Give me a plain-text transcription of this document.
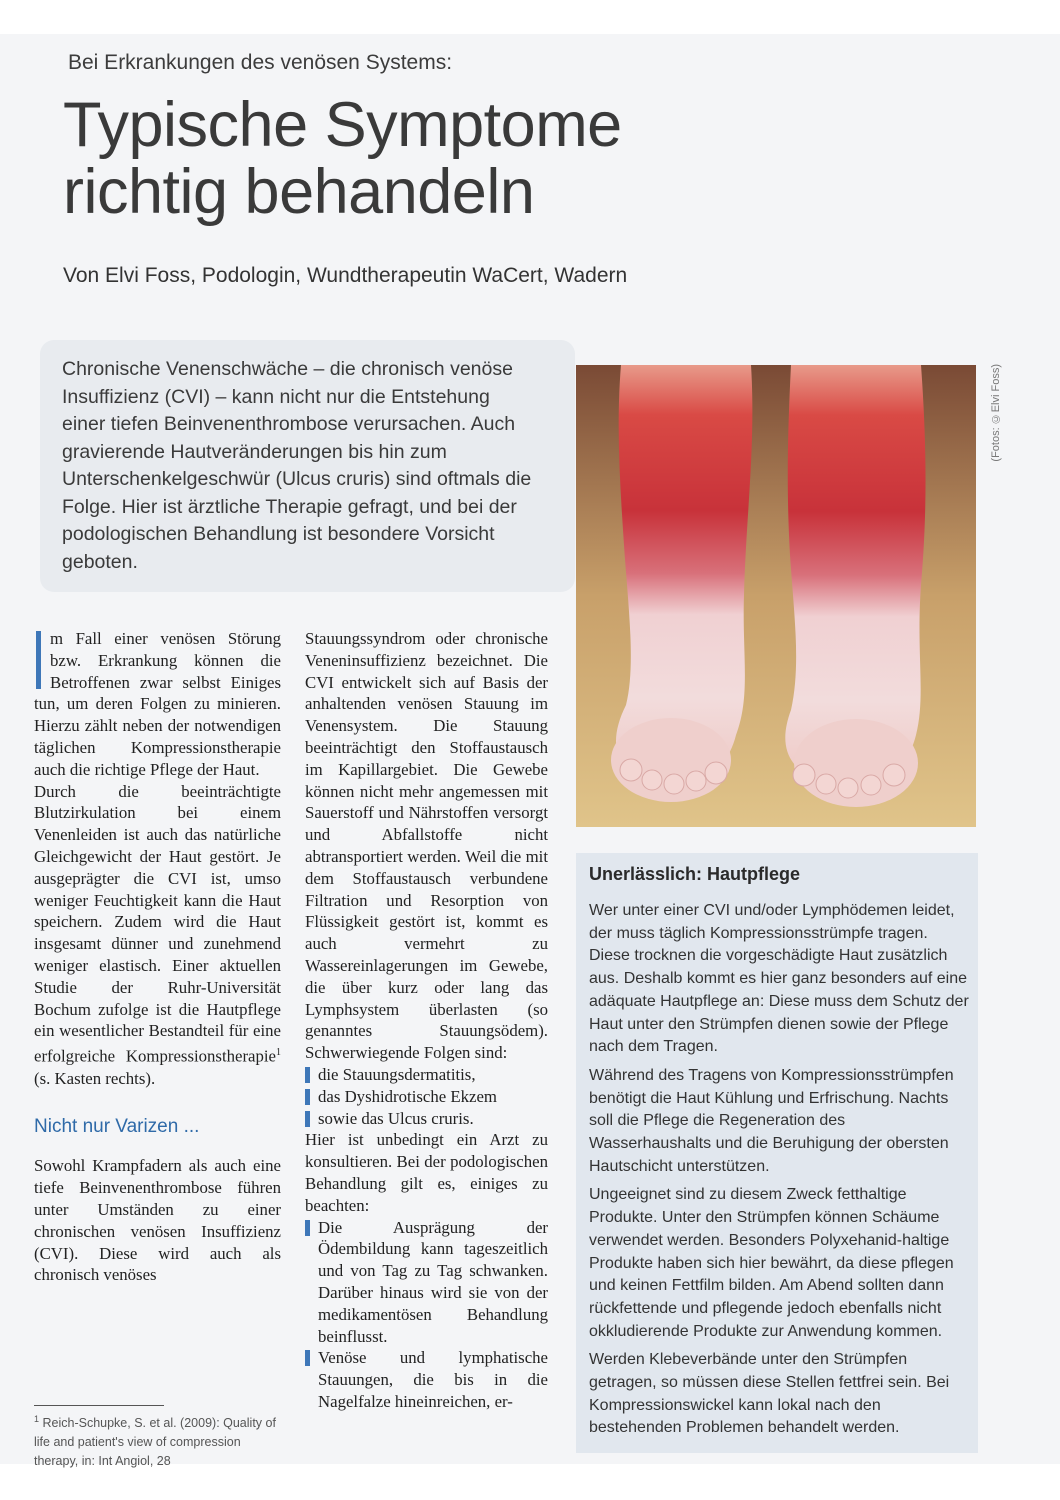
Bei Erkrankungen des venösen Systems:
Typische Symptome
richtig behandeln
Von Elvi Foss, Podologin, Wundtherapeutin WaCert, Wadern
Chronische Venenschwäche – die chronisch venöse Insuffizienz (CVI) – kann nicht nur die Entstehung einer tiefen Beinvenenthrombose verursachen. Auch gravierende Hautveränderungen bis hin zum Unterschenkelgeschwür (Ulcus cruris) sind oftmals die Folge. Hier ist ärztliche Therapie gefragt, und bei der podologischen Behandlung ist besondere Vorsicht geboten.
(Fotos: ©Elvi Foss)

m Fall einer venösen Störung bzw. Erkrankung können die Betroffenen zwar selbst Einiges tun, um deren Folgen zu minieren. Hierzu zählt neben der notwendigen täglichen Kompressionstherapie auch die richtige Pflege der Haut.

Durch die beeinträchtigte Blutzirkulation bei einem Venenleiden ist auch das natürliche Gleichgewicht der Haut gestört. Je ausgeprägter die CVI ist, umso weniger Feuchtigkeit kann die Haut speichern. Zudem wird die Haut insgesamt dünner und zunehmend weniger elastisch. Einer aktuellen Studie der Ruhr-Universität Bochum zufolge ist die Hautpflege ein wesentlicher Bestandteil für eine erfolgreiche Kompressionstherapie$^1$ (s. Kasten rechts).

Nicht nur Varizen ...

Sowohl Krampfadern als auch eine tiefe Beinvenenthrombose führen unter Umständen zu einer chronischen venösen Insuffizienz (CVI). Diese wird auch als chronisch venöses

$^1$ Reich-Schupke, S. et al. (2009): Quality of life and patient's view of compression therapy, in: Int Angiol, 28

Stauungssyndrom oder chronische Veneninsuffizienz bezeichnet. Die CVI entwickelt sich auf Basis der anhaltenden venösen Stauung im Venensystem. Die Stauung beeinträchtigt den Stoffaustausch im Kapillargebiet. Die Gewebe können nicht mehr angemessen mit Sauerstoff und Nährstoffen versorgt und Abfallstoffe nicht abtransportiert werden. Weil die mit dem Stoffaustausch verbundene Filtration und Resorption von Flüssigkeit gestört ist, kommt es auch vermehrt zu Wassereinlagerungen im Gewebe, die über kurz oder lang das Lymphsystem überlasten (so genanntes Stauungsödem). Schwerwiegende Folgen sind:

die Stauungsdermatitis,

das Dyshidrotische Ekzem

sowie das Ulcus cruris.

Hier ist unbedingt ein Arzt zu konsultieren. Bei der podologischen Behandlung gilt es, einiges zu beachten:

Die Ausprägung der Ödembildung kann tageszeitlich und von Tag zu Tag schwanken. Darüber hinaus wird sie von der medikamentösen Behandlung beinflusst.

Venöse und lymphatische Stauungen, die bis in die Nagelfalze hineinreichen, er-

Unerlässlich: Hautpflege

Wer unter einer CVI und/oder Lymphödemen leidet, der muss täglich Kompressionsstrümpfe tragen. Diese trocknen die vorgeschädigte Haut zusätzlich aus. Deshalb kommt es hier ganz besonders auf eine adäquate Hautpflege an: Diese muss dem Schutz der Haut unter den Strümpfen dienen sowie der Pflege nach dem Tragen.

Während des Tragens von Kompressionsstrümpfen benötigt die Haut Kühlung und Erfrischung. Nachts soll die Pflege die Regeneration des Wasserhaushalts und die Beruhigung der obersten Hautschicht unterstützen.

Ungeeignet sind zu diesem Zweck fetthaltige Produkte. Unter den Strümpfen können Schäume verwendet werden. Besonders Polyxehanid-haltige Produkte haben sich hier bewährt, da diese pflegen und keinen Fettfilm bilden. Am Abend sollten dann rückfettende und pflegende jedoch ebenfalls nicht okkludierende Produkte zur Anwendung kommen.

Werden Klebeverbände unter den Strümpfen getragen, so müssen diese Stellen fettfrei sein. Bei Kompressionswickel kann lokal nach den bestehenden Problemen behandelt werden.
